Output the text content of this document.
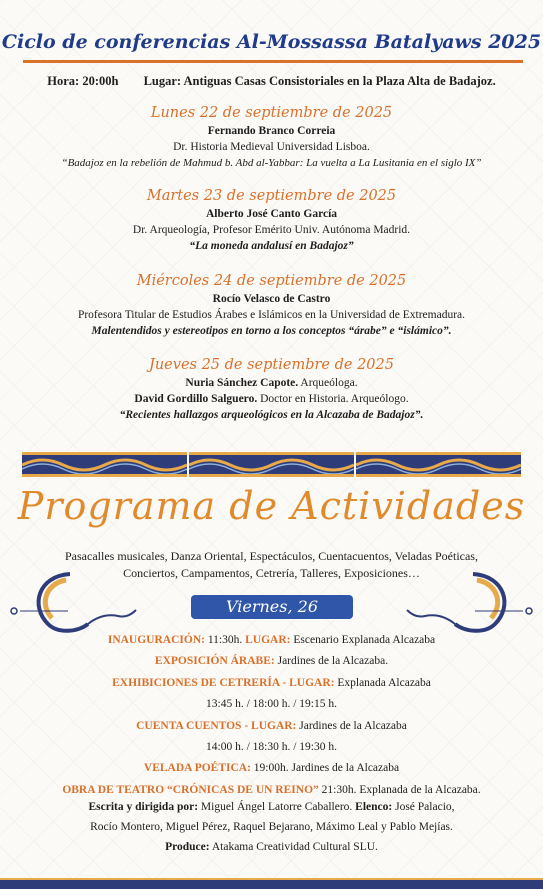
Ciclo de conferencias Al-Mossassa Batalyaws 2025
Hora: 20:00h Lugar: Antiguas Casas Consistoriales en la Plaza Alta de Badajoz.
Lunes 22 de septiembre de 2025
Fernando Branco Correia
Dr. Historia Medieval Universidad Lisboa.
“Badajoz en la rebelión de Mahmud b. Abd al-Yabbar: La vuelta a La Lusitania en el siglo IX”
Martes 23 de septiembre de 2025
Alberto José Canto García
Dr. Arqueología, Profesor Emérito Univ. Autónoma Madrid.
“La moneda andalusí en Badajoz”
Miércoles 24 de septiembre de 2025
Rocío Velasco de Castro
Profesora Titular de Estudios Árabes e Islámicos en la Universidad de Extremadura.
Malentendidos y estereotipos en torno a los conceptos “árabe” e “islámico”.
Jueves 25 de septiembre de 2025
Nuria Sánchez Capote. Arqueóloga.
David Gordillo Salguero. Doctor en Historia. Arqueólogo.
“Recientes hallazgos arqueológicos en la Alcazaba de Badajoz”.
Programa de Actividades
Pasacalles musicales, Danza Oriental, Espectáculos, Cuentacuentos, Veladas Poéticas,
Conciertos, Campamentos, Cetrería, Talleres, Exposiciones…
Viernes, 26
INAUGURACIÓN: 11:30h. LUGAR: Escenario Explanada Alcazaba
EXPOSICIÓN ÁRABE: Jardines de la Alcazaba.
EXHIBICIONES DE CETRERÍA - LUGAR: Explanada Alcazaba
13:45 h. / 18:00 h. / 19:15 h.
CUENTA CUENTOS - LUGAR: Jardines de la Alcazaba
14:00 h. / 18:30 h. / 19:30 h.
VELADA POÉTICA: 19:00h. Jardines de la Alcazaba
OBRA DE TEATRO “CRÓNICAS DE UN REINO” 21:30h. Explanada de la Alcazaba.
Escrita y dirigida por: Miguel Ángel Latorre Caballero. Elenco: José Palacio,
Rocío Montero, Miguel Pérez, Raquel Bejarano, Máximo Leal y Pablo Mejías.
Produce: Atakama Creatividad Cultural SLU.
